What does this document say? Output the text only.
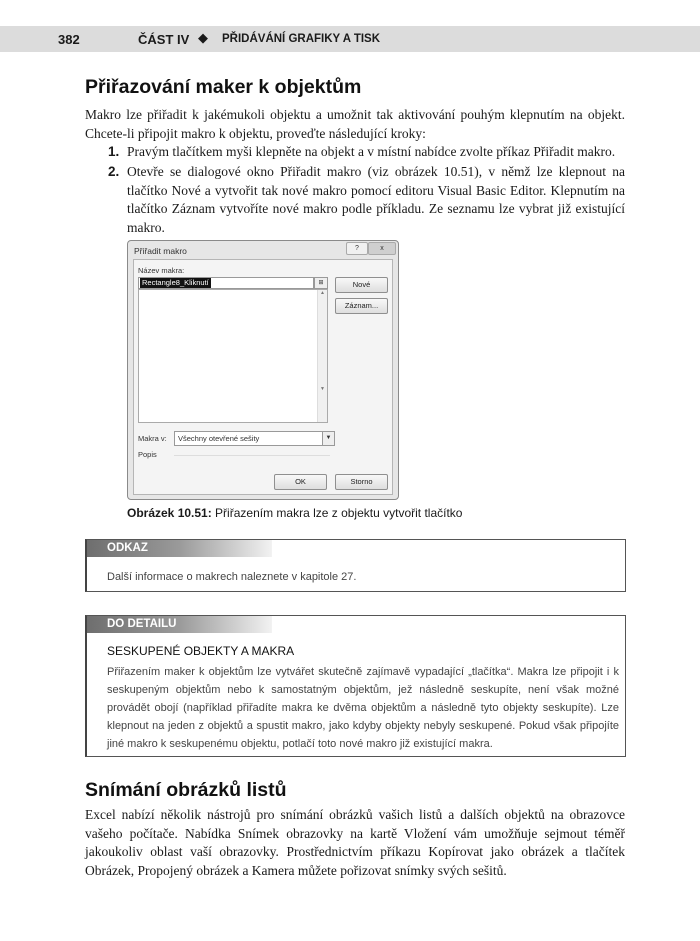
382	ČÁST IV ◆ PŘIDÁVÁNÍ GRAFIKY A TISK
Přiřazování maker k objektům
Makro lze přiřadit k jakémukoli objektu a umožnit tak aktivování pouhým klepnutím na objekt. Chcete-li připojit makro k objektu, proveďte následující kroky:
1. Pravým tlačítkem myši klepněte na objekt a v místní nabídce zvolte příkaz Přiřadit makro.
2. Otevře se dialogové okno Přiřadit makro (viz obrázek 10.51), v němž lze klepnout na tlačítko Nové a vytvořit tak nové makro pomocí editoru Visual Basic Editor. Klepnutím na tlačítko Záznam vytvoříte nové makro podle příkladu. Ze seznamu lze vybrat již existující makro.
Přiřadit makro	?	x
Název makra:
Rectangle8_Kliknutí	⊞
▲

▼
Nové
Záznam...
Makra v:	Všechny otevřené sešity	▼
Popis
OK	Storno
Obrázek 10.51: Přiřazením makra lze z objektu vytvořit tlačítko
ODKAZ
Další informace o makrech naleznete v kapitole 27.
DO DETAILU
SESKUPENÉ OBJEKTY A MAKRA
Přiřazením maker k objektům lze vytvářet skutečně zajímavě vypadající „tlačítka“. Makra lze připojit i k seskupeným objektům nebo k samostatným objektům, jež následně seskupíte, není však možné provádět obojí (například přiřadíte makra ke dvěma objektům a následně tyto objekty seskupíte). Lze klepnout na jeden z objektů a spustit makro, jako kdyby objekty nebyly seskupené. Pokud však připojíte jiné makro k seskupenému objektu, potlačí toto nové makro již existující makra.
Snímání obrázků listů
Excel nabízí několik nástrojů pro snímání obrázků vašich listů a dalších objektů na obrazovce vašeho počítače. Nabídka Snímek obrazovky na kartě Vložení vám umožňuje sejmout téměř jakoukoliv oblast vaší obrazovky. Prostřednictvím příkazu Kopírovat jako obrázek a tlačítek Obrázek, Propojený obrázek a Kamera můžete pořizovat snímky svých sešitů.
